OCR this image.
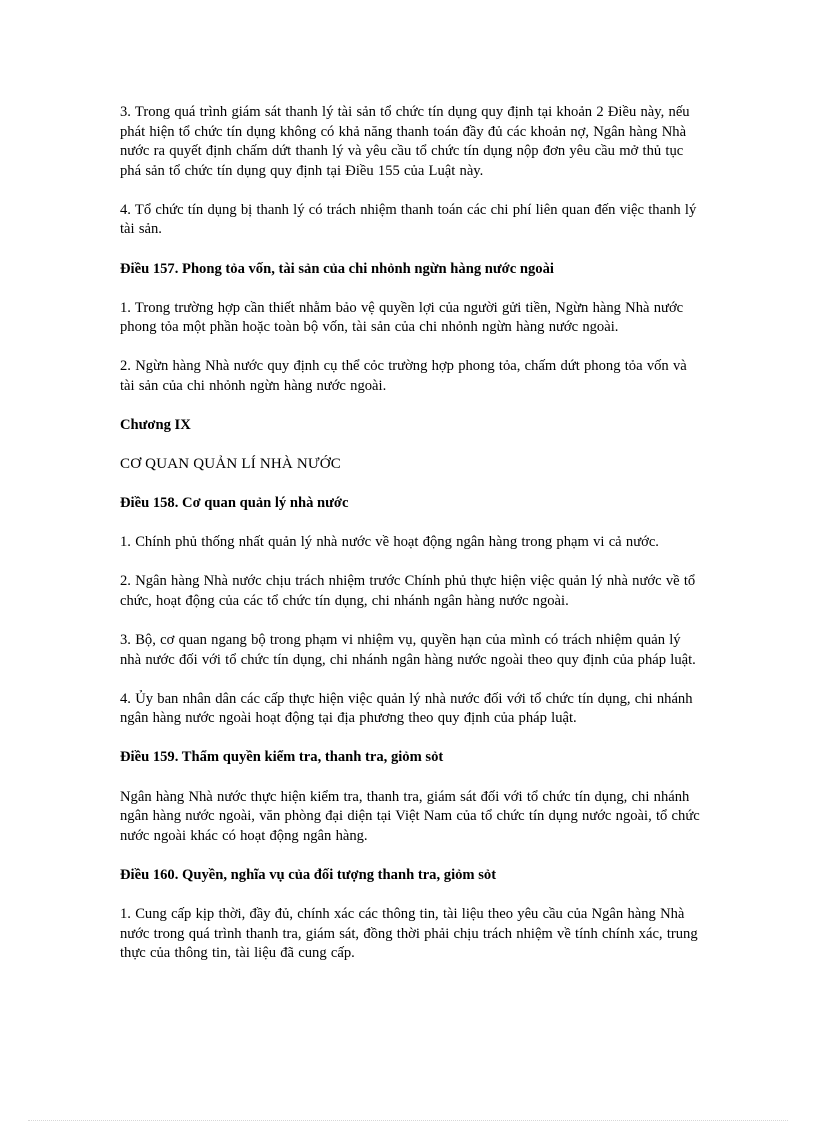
3. Trong quá trình giám sát thanh lý tài sản tổ chức tín dụng quy định tại khoản 2 Điều này, nếu phát hiện tổ chức tín dụng không có khả năng thanh toán đầy đủ các khoản nợ, Ngân hàng Nhà nước ra quyết định chấm dứt thanh lý và yêu cầu tổ chức tín dụng nộp đơn yêu cầu mở thủ tục phá sản tổ chức tín dụng quy định tại Điều 155 của Luật này.

4. Tổ chức tín dụng bị thanh lý có trách nhiệm thanh toán các chi phí liên quan đến việc thanh lý tài sản.

Điều 157. Phong tỏa vốn, tài sản của chi nhỏnh ngừn hàng nước ngoài

1. Trong trường hợp cần thiết nhằm bảo vệ quyền lợi của người gửi tiền, Ngừn hàng Nhà nước phong tỏa một phần hoặc toàn bộ vốn, tài sản của chi nhỏnh ngừn hàng nước ngoài.

2. Ngừn hàng Nhà nước quy định cụ thể cỏc trường hợp phong tỏa, chấm dứt phong tỏa vốn và tài sản của chi nhỏnh ngừn hàng nước ngoài.

Chương IX

CƠ QUAN QUẢN LÍ NHÀ NƯỚC

Điều 158. Cơ quan quản lý nhà nước

1. Chính phủ thống nhất quản lý nhà nước về hoạt động ngân hàng trong phạm vi cả nước.

2. Ngân hàng Nhà nước chịu trách nhiệm trước Chính phủ thực hiện việc quản lý nhà nước về tổ chức, hoạt động của các tổ chức tín dụng, chi nhánh ngân hàng nước ngoài.

3. Bộ, cơ quan ngang bộ trong phạm vi nhiệm vụ, quyền hạn của mình có trách nhiệm quản lý nhà nước đối với tổ chức tín dụng, chi nhánh ngân hàng nước ngoài theo quy định của pháp luật.

4. Ủy ban nhân dân các cấp thực hiện việc quản lý nhà nước đối với tổ chức tín dụng, chi nhánh ngân hàng nước ngoài hoạt động tại địa phương theo quy định của pháp luật.

Điều 159. Thẩm quyền kiểm tra, thanh tra, giỏm sỏt

Ngân hàng Nhà nước thực hiện kiểm tra, thanh tra, giám sát đối với tổ chức tín dụng, chi nhánh ngân hàng nước ngoài, văn phòng đại diện tại Việt Nam của tổ chức tín dụng nước ngoài, tổ chức nước ngoài khác có hoạt động ngân hàng.

Điều 160. Quyền, nghĩa vụ của đối tượng thanh tra, giỏm sỏt

1. Cung cấp kịp thời, đầy đủ, chính xác các thông tin, tài liệu theo yêu cầu của Ngân hàng Nhà nước trong quá trình thanh tra, giám sát, đồng thời phải chịu trách nhiệm về tính chính xác, trung thực của thông tin, tài liệu đã cung cấp.
